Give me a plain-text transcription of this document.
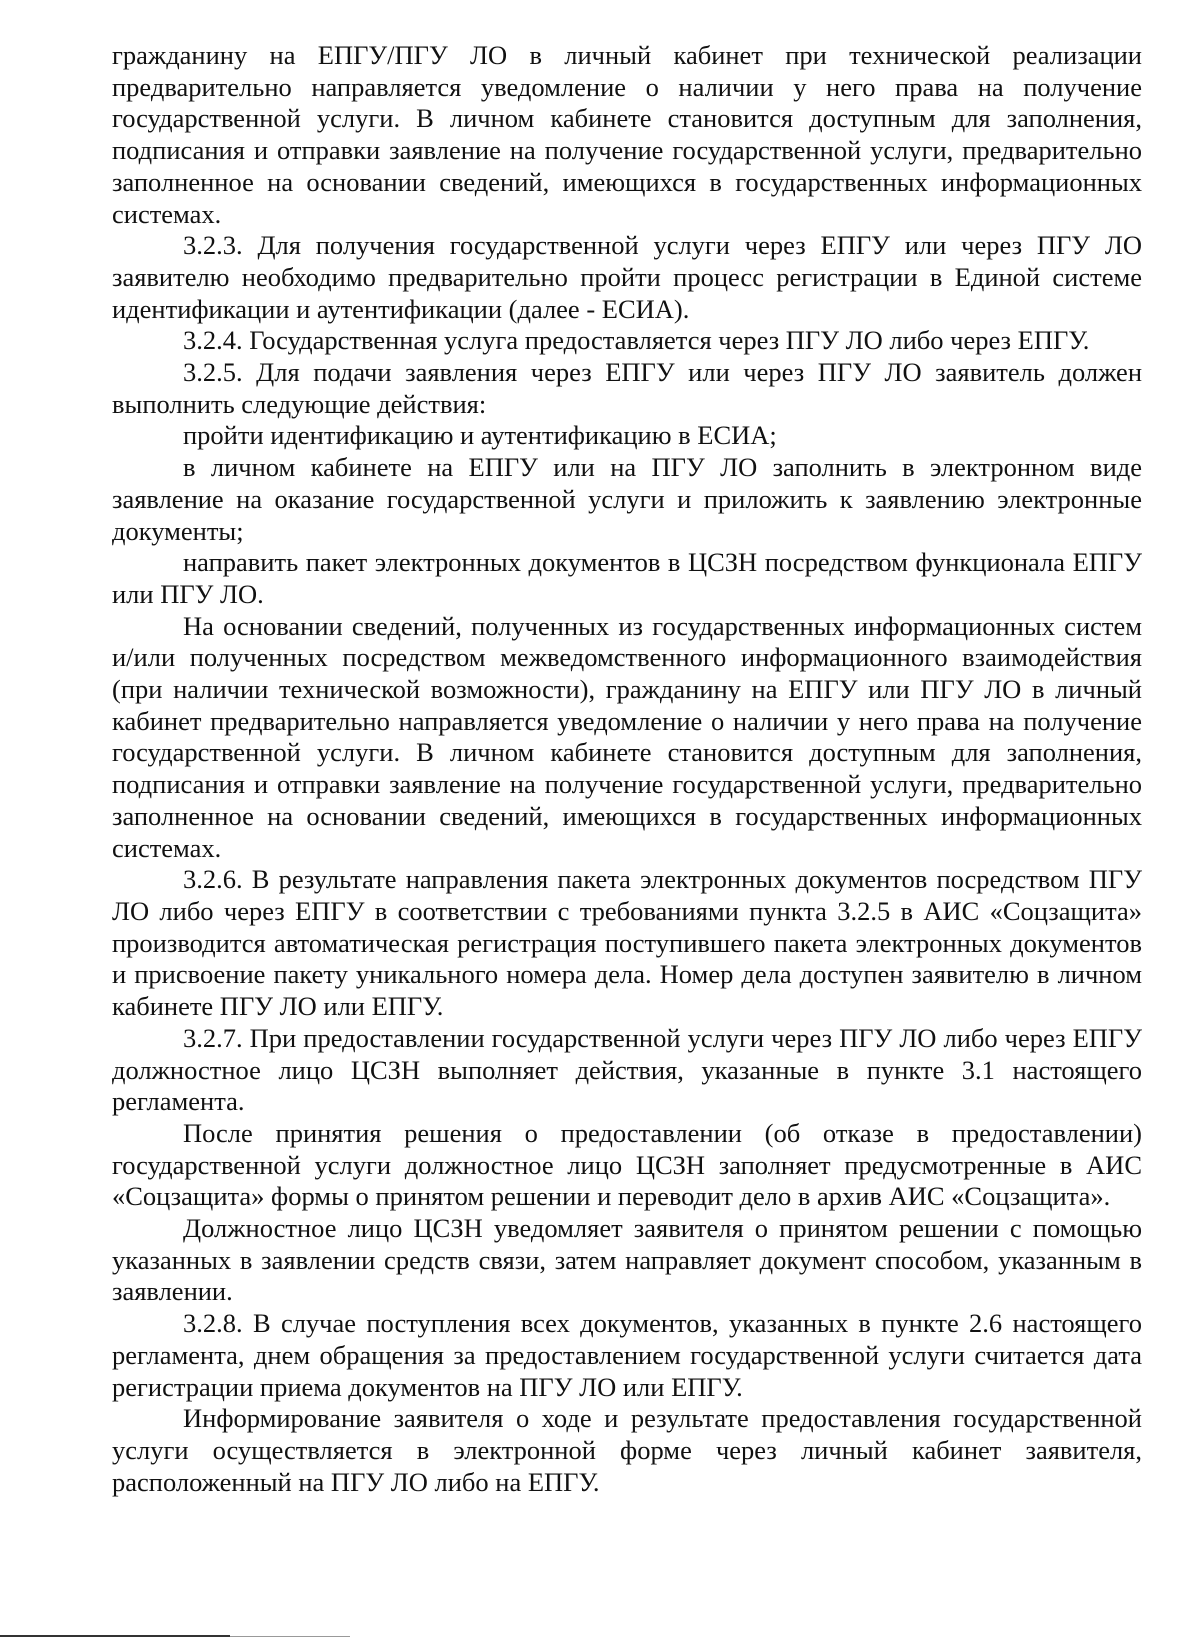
гражданину на ЕПГУ/ПГУ ЛО в личный кабинет при технической реализации предварительно направляется уведомление о наличии у него права на получение государственной услуги. В личном кабинете становится доступным для заполнения, подписания и отправки заявление на получение государственной услуги, предварительно заполненное на основании сведений, имеющихся в государственных информационных системах.

3.2.3. Для получения государственной услуги через ЕПГУ или через ПГУ ЛО заявителю необходимо предварительно пройти процесс регистрации в Единой системе идентификации и аутентификации (далее - ЕСИА).

3.2.4. Государственная услуга предоставляется через ПГУ ЛО либо через ЕПГУ.

3.2.5. Для подачи заявления через ЕПГУ или через ПГУ ЛО заявитель должен выполнить следующие действия:

пройти идентификацию и аутентификацию в ЕСИА;

в личном кабинете на ЕПГУ или на ПГУ ЛО заполнить в электронном виде заявление на оказание государственной услуги и приложить к заявлению электронные документы;

направить пакет электронных документов в ЦСЗН посредством функционала ЕПГУ или ПГУ ЛО.

На основании сведений, полученных из государственных информационных систем и/или полученных посредством межведомственного информационного взаимодействия (при наличии технической возможности), гражданину на ЕПГУ или ПГУ ЛО в личный кабинет предварительно направляется уведомление о наличии у него права на получение государственной услуги. В личном кабинете становится доступным для заполнения, подписания и отправки заявление на получение государственной услуги, предварительно заполненное на основании сведений, имеющихся в государственных информационных системах.

3.2.6. В результате направления пакета электронных документов посредством ПГУ ЛО либо через ЕПГУ в соответствии с требованиями пункта 3.2.5 в АИС «Соцзащита» производится автоматическая регистрация поступившего пакета электронных документов и присвоение пакету уникального номера дела. Номер дела доступен заявителю в личном кабинете ПГУ ЛО или ЕПГУ.

3.2.7. При предоставлении государственной услуги через ПГУ ЛО либо через ЕПГУ должностное лицо ЦСЗН выполняет действия, указанные в пункте 3.1 настоящего регламента.

После принятия решения о предоставлении (об отказе в предоставлении) государственной услуги должностное лицо ЦСЗН заполняет предусмотренные в АИС «Соцзащита» формы о принятом решении и переводит дело в архив АИС «Соцзащита».

Должностное лицо ЦСЗН уведомляет заявителя о принятом решении с помощью указанных в заявлении средств связи, затем направляет документ способом, указанным в заявлении.

3.2.8. В случае поступления всех документов, указанных в пункте 2.6 настоящего регламента, днем обращения за предоставлением государственной услуги считается дата регистрации приема документов на ПГУ ЛО или ЕПГУ.

Информирование заявителя о ходе и результате предоставления государственной услуги осуществляется в электронной форме через личный кабинет заявителя, расположенный на ПГУ ЛО либо на ЕПГУ.
